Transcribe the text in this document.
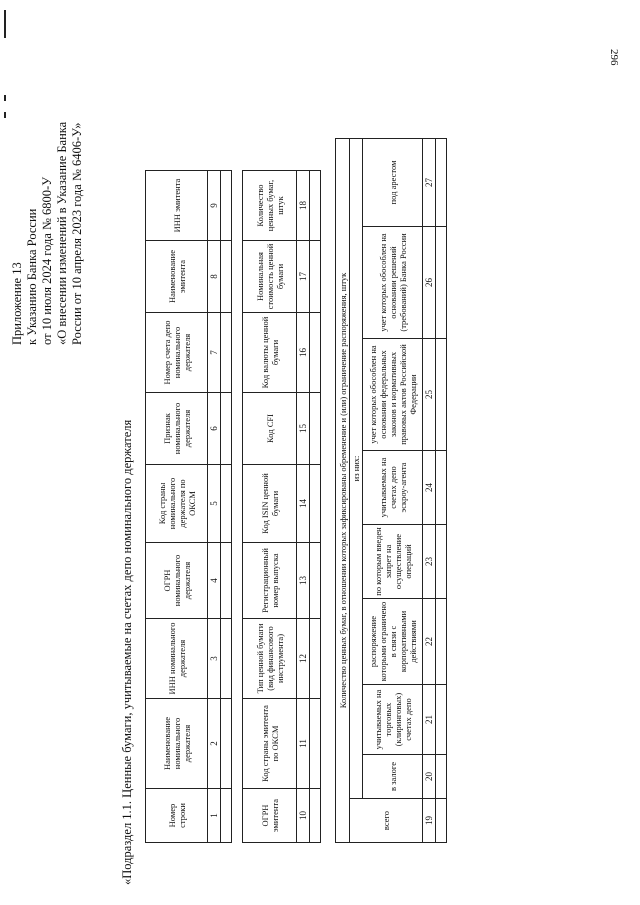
296
Приложение 13 к Указанию Банка России от 10 июля 2024 года № 6800-У «О внесении изменений в Указание Банка России от 10 апреля 2023 года № 6406-У»
«Подраздел 1.1. Ценные бумаги, учитываемые на счетах депо номинального держателя	Номер строки	Наименование номинального держателя	ИНН номинального держателя	ОГРН номинального держателя	Код страны номинального держателя по ОКСМ	Признак номинального держателя	Номер счета депо номинального держателя	Наименование эмитента	ИНН эмитента
1	2	3	4	5	6	7	8	9

ОГРН эмитента	Код страны эмитента по ОКСМ	Тип ценной бумаги (вид финансового инструмента)	Регистрационный номер выпуска	Код ISIN ценной бумаги	Код CFI	Код валюты ценной бумаги	Номинальная стоимость ценной бумаги	Количество ценных бумаг, штук
10	11	12	13	14	15	16	17	18

Количество ценных бумаг, в отношении которых зафиксированы обременение и (или) ограничение распоряжения, штук								
всего	из них:							
	в залоге	учитываемых на торговых (клиринговых) счетах депо	распоряжение которыми ограничено в связи с корпоративными действиями	по которым введен запрет на осуществление операций	учитываемых на счетах депо эскроу-агента	учет которых обособлен на основании федеральных законов и нормативных правовых актов Российской Федерации	учет которых обособлен на основании решений (требований) Банка России	под арестом
19	20	21	22	23	24	25	26	27
